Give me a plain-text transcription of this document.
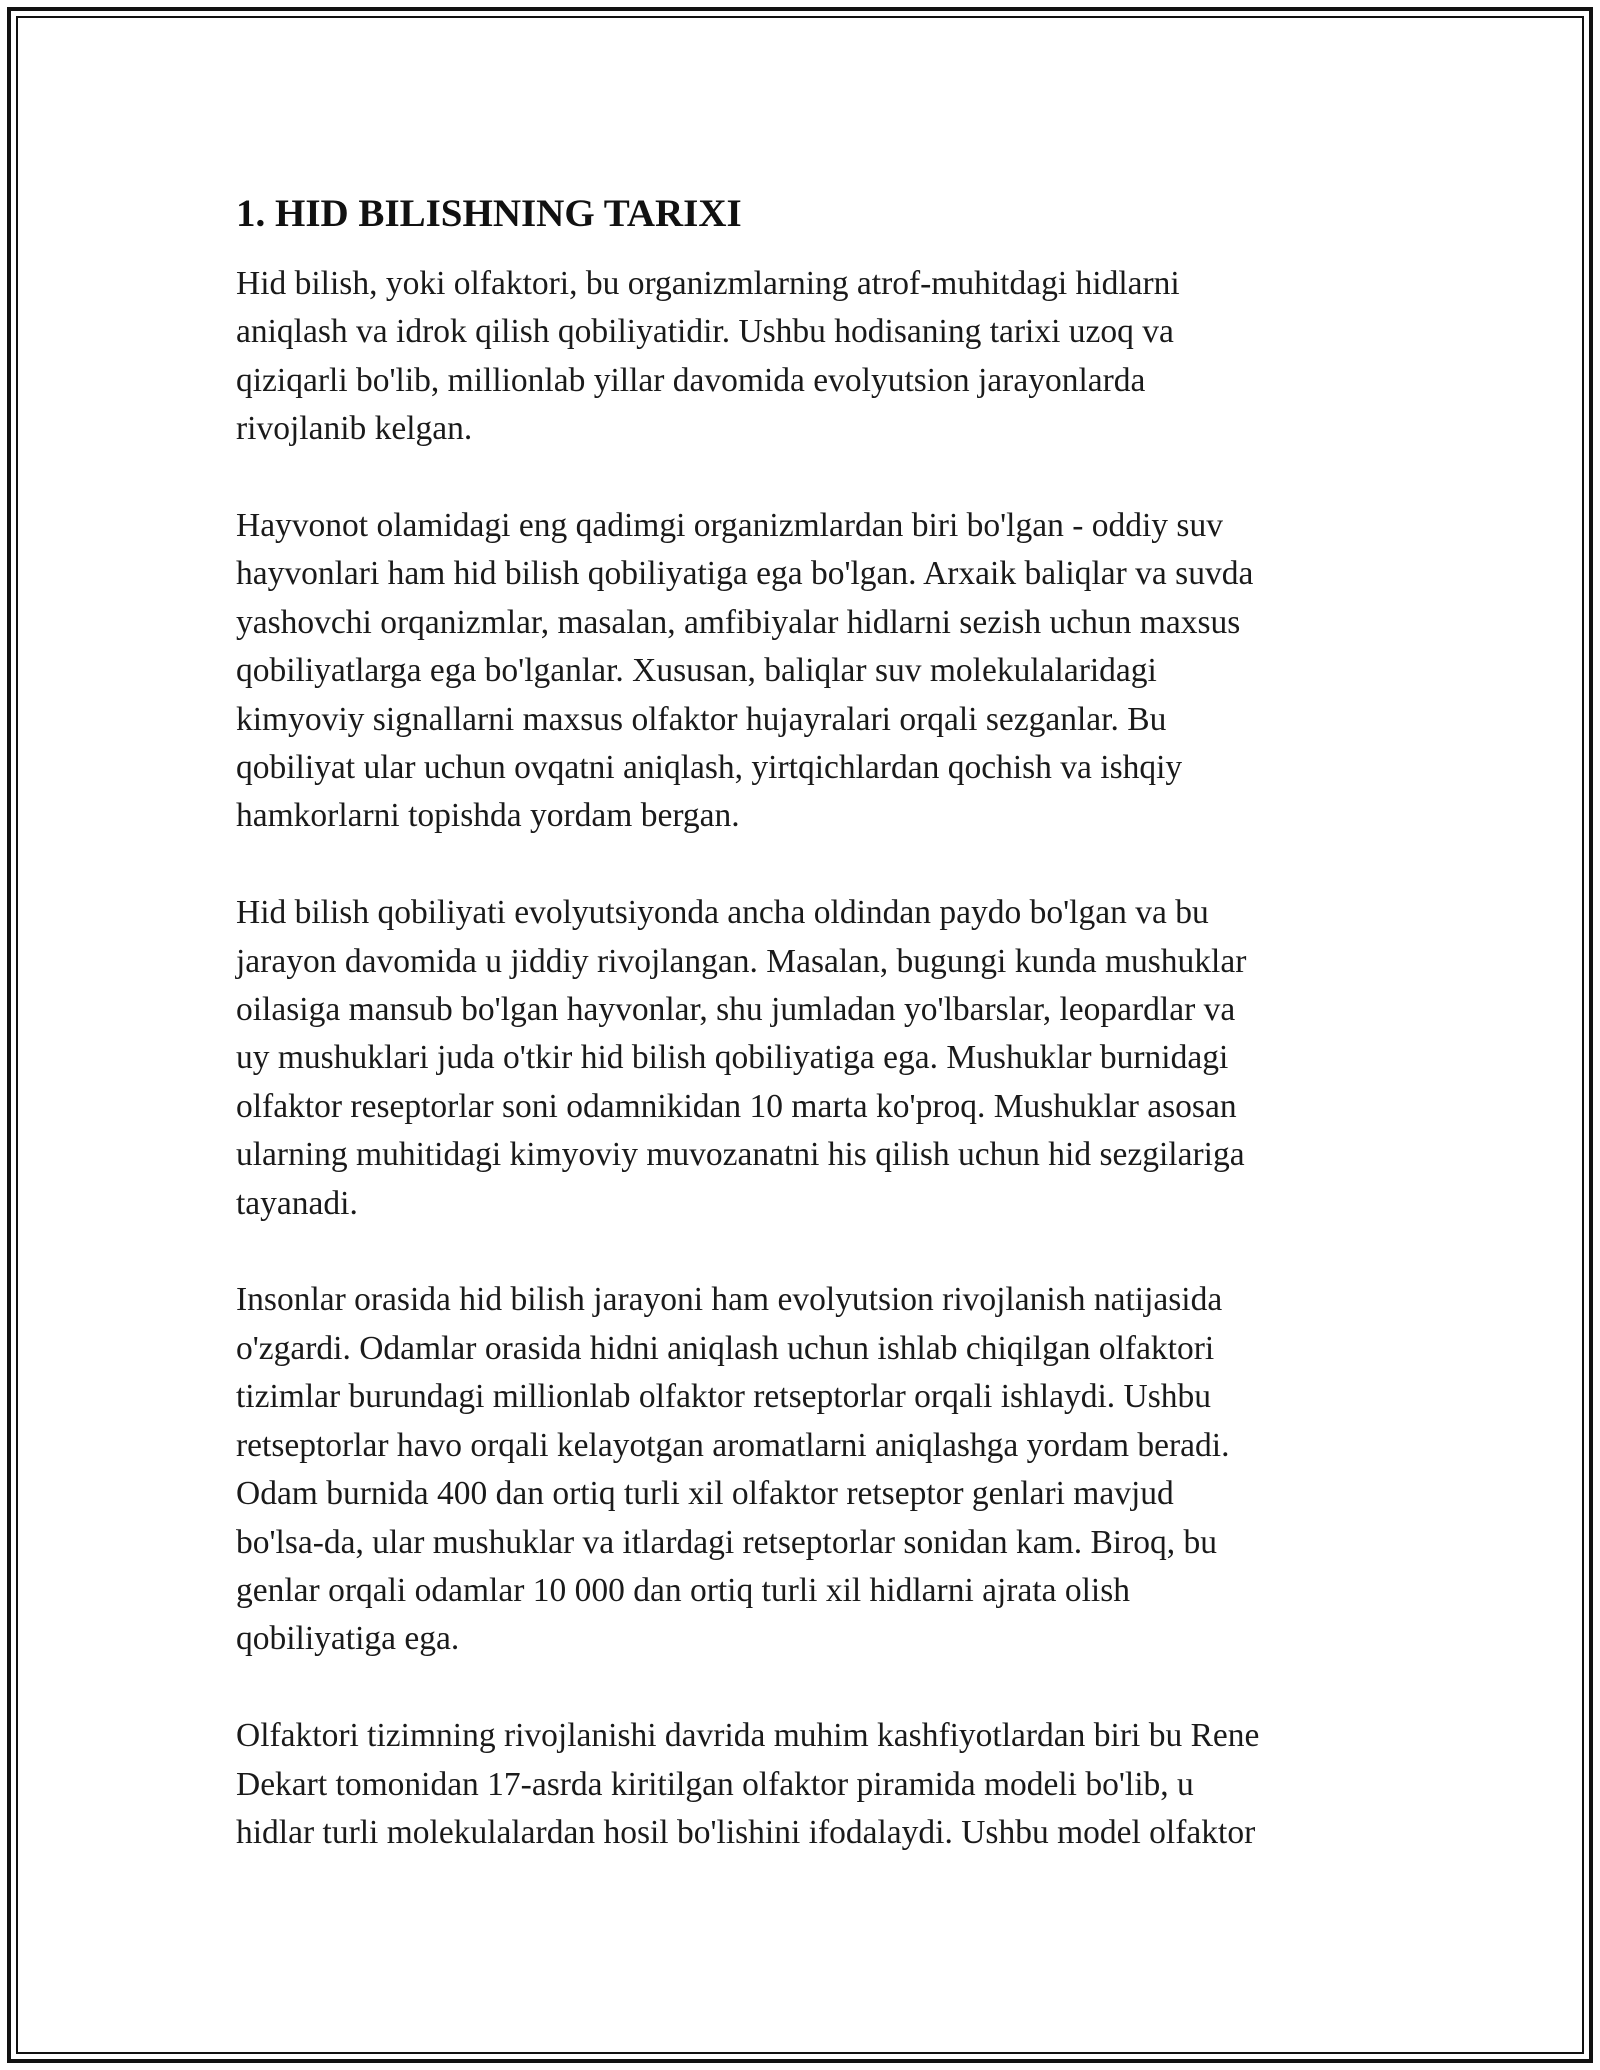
1. HID BILISHNING TARIXI

Hid bilish, yoki olfaktori, bu organizmlarning atrof-muhitdagi hidlarni
aniqlash va idrok qilish qobiliyatidir. Ushbu hodisaning tarixi uzoq va
qiziqarli bo'lib, millionlab yillar davomida evolyutsion jarayonlarda
rivojlanib kelgan.

Hayvonot olamidagi eng qadimgi organizmlardan biri bo'lgan - oddiy suv
hayvonlari ham hid bilish qobiliyatiga ega bo'lgan. Arxaik baliqlar va suvda
yashovchi orqanizmlar, masalan, amfibiyalar hidlarni sezish uchun maxsus
qobiliyatlarga ega bo'lganlar. Xususan, baliqlar suv molekulalaridagi
kimyoviy signallarni maxsus olfaktor hujayralari orqali sezganlar. Bu
qobiliyat ular uchun ovqatni aniqlash, yirtqichlardan qochish va ishqiy
hamkorlarni topishda yordam bergan.

Hid bilish qobiliyati evolyutsiyonda ancha oldindan paydo bo'lgan va bu
jarayon davomida u jiddiy rivojlangan. Masalan, bugungi kunda mushuklar
oilasiga mansub bo'lgan hayvonlar, shu jumladan yo'lbarslar, leopardlar va
uy mushuklari juda o'tkir hid bilish qobiliyatiga ega. Mushuklar burnidagi
olfaktor reseptorlar soni odamnikidan 10 marta ko'proq. Mushuklar asosan
ularning muhitidagi kimyoviy muvozanatni his qilish uchun hid sezgilariga
tayanadi.

Insonlar orasida hid bilish jarayoni ham evolyutsion rivojlanish natijasida
o'zgardi. Odamlar orasida hidni aniqlash uchun ishlab chiqilgan olfaktori
tizimlar burundagi millionlab olfaktor retseptorlar orqali ishlaydi. Ushbu
retseptorlar havo orqali kelayotgan aromatlarni aniqlashga yordam beradi.
Odam burnida 400 dan ortiq turli xil olfaktor retseptor genlari mavjud
bo'lsa-da, ular mushuklar va itlardagi retseptorlar sonidan kam. Biroq, bu
genlar orqali odamlar 10 000 dan ortiq turli xil hidlarni ajrata olish
qobiliyatiga ega.

Olfaktori tizimning rivojlanishi davrida muhim kashfiyotlardan biri bu Rene
Dekart tomonidan 17-asrda kiritilgan olfaktor piramida modeli bo'lib, u
hidlar turli molekulalardan hosil bo'lishini ifodalaydi. Ushbu model olfaktor
